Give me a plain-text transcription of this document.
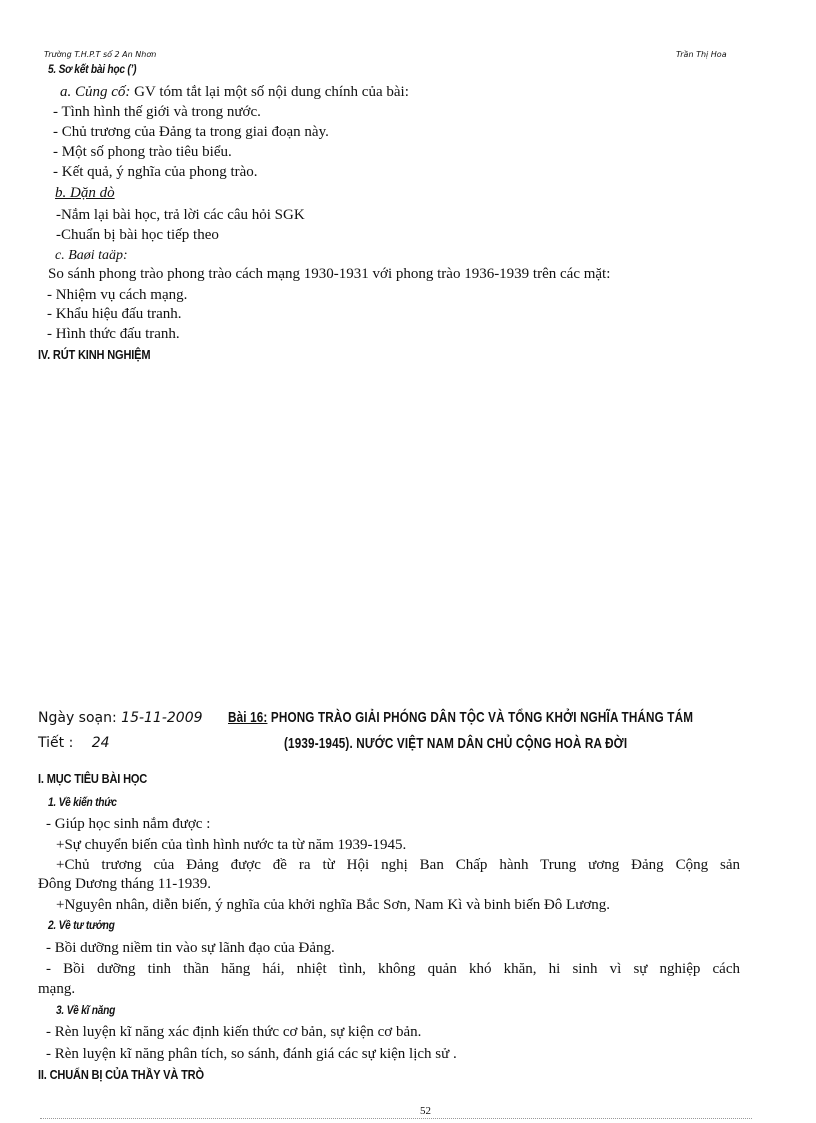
Trường T.H.P.T số 2 An Nhơn	Trần Thị Hoa
5. Sơ kết bài học (’)
a. Củng cố: GV tóm tắt lại một số nội dung chính của bài:
- Tình hình thế giới và trong nước.
- Chủ trương của Đảng ta trong giai đoạn này.
- Một số phong trào tiêu biểu.
- Kết quả, ý nghĩa của phong trào.
b. Dặn dò
-Nắm lại bài học, trả lời các câu hỏi SGK
-Chuẩn bị bài học tiếp theo
c. Baøi taäp:
So sánh phong trào phong trào cách mạng 1930-1931 với phong trào 1936-1939 trên các mặt:
- Nhiệm vụ cách mạng.
- Khẩu hiệu đấu tranh.
- Hình thức đấu tranh.
IV. RÚT KINH NGHIỆM
Ngày soạn: 15-11-2009
Tiết : 24
Bài 16: PHONG TRÀO GIẢI PHÓNG DÂN TỘC VÀ TỔNG KHỞI NGHĨA THÁNG TÁM
(1939-1945). NƯỚC VIỆT NAM DÂN CHỦ CỘNG HOÀ RA ĐỜI
I. MỤC TIÊU BÀI HỌC
1. Về kiến thức
- Giúp học sinh nắm được :
+Sự chuyển biến của tình hình nước ta từ năm 1939-1945.
+Chủ trương của Đảng được đề ra từ Hội nghị Ban Chấp hành Trung ương Đảng Cộng sản
Đông Dương tháng 11-1939.
+Nguyên nhân, diễn biến, ý nghĩa của khởi nghĩa Bắc Sơn, Nam Kì và binh biến Đô Lương.
2. Về tư tưởng
- Bồi dưỡng niềm tin vào sự lãnh đạo của Đảng.
- Bồi dưỡng tinh thần hăng hái, nhiệt tình, không quản khó khăn, hi sinh vì sự nghiệp cách
mạng.
3. Về kĩ năng
- Rèn luyện kĩ năng xác định kiến thức cơ bản, sự kiện cơ bản.
- Rèn luyện kĩ năng phân tích, so sánh, đánh giá các sự kiện lịch sử .
II. CHUẨN BỊ CỦA THẦY VÀ TRÒ
52
